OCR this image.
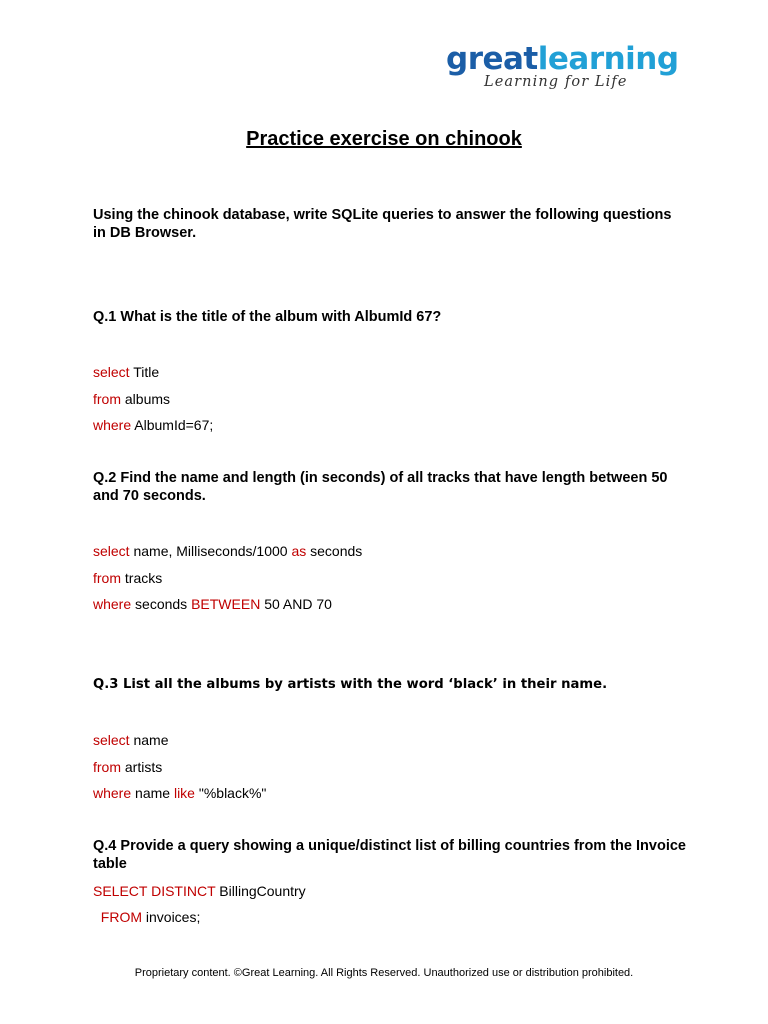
greatlearning
Learning for Life
Practice exercise on chinook

Using the chinook database, write SQLite queries to answer the following questions in DB Browser.

Q.1 What is the title of the album with AlbumId 67?

select Title
from albums
where AlbumId=67;

Q.2 Find the name and length (in seconds) of all tracks that have length between 50 and 70 seconds.

select name, Milliseconds/1000 as seconds
from tracks
where seconds BETWEEN 50 AND 70

Q.3 List all the albums by artists with the word ‘black’ in their name.

select name
from artists
where name like "%black%"

Q.4 Provide a query showing a unique/distinct list of billing countries from the Invoice table

SELECT DISTINCT BillingCountry
FROM invoices;

Proprietary content. ©Great Learning. All Rights Reserved. Unauthorized use or distribution prohibited.
